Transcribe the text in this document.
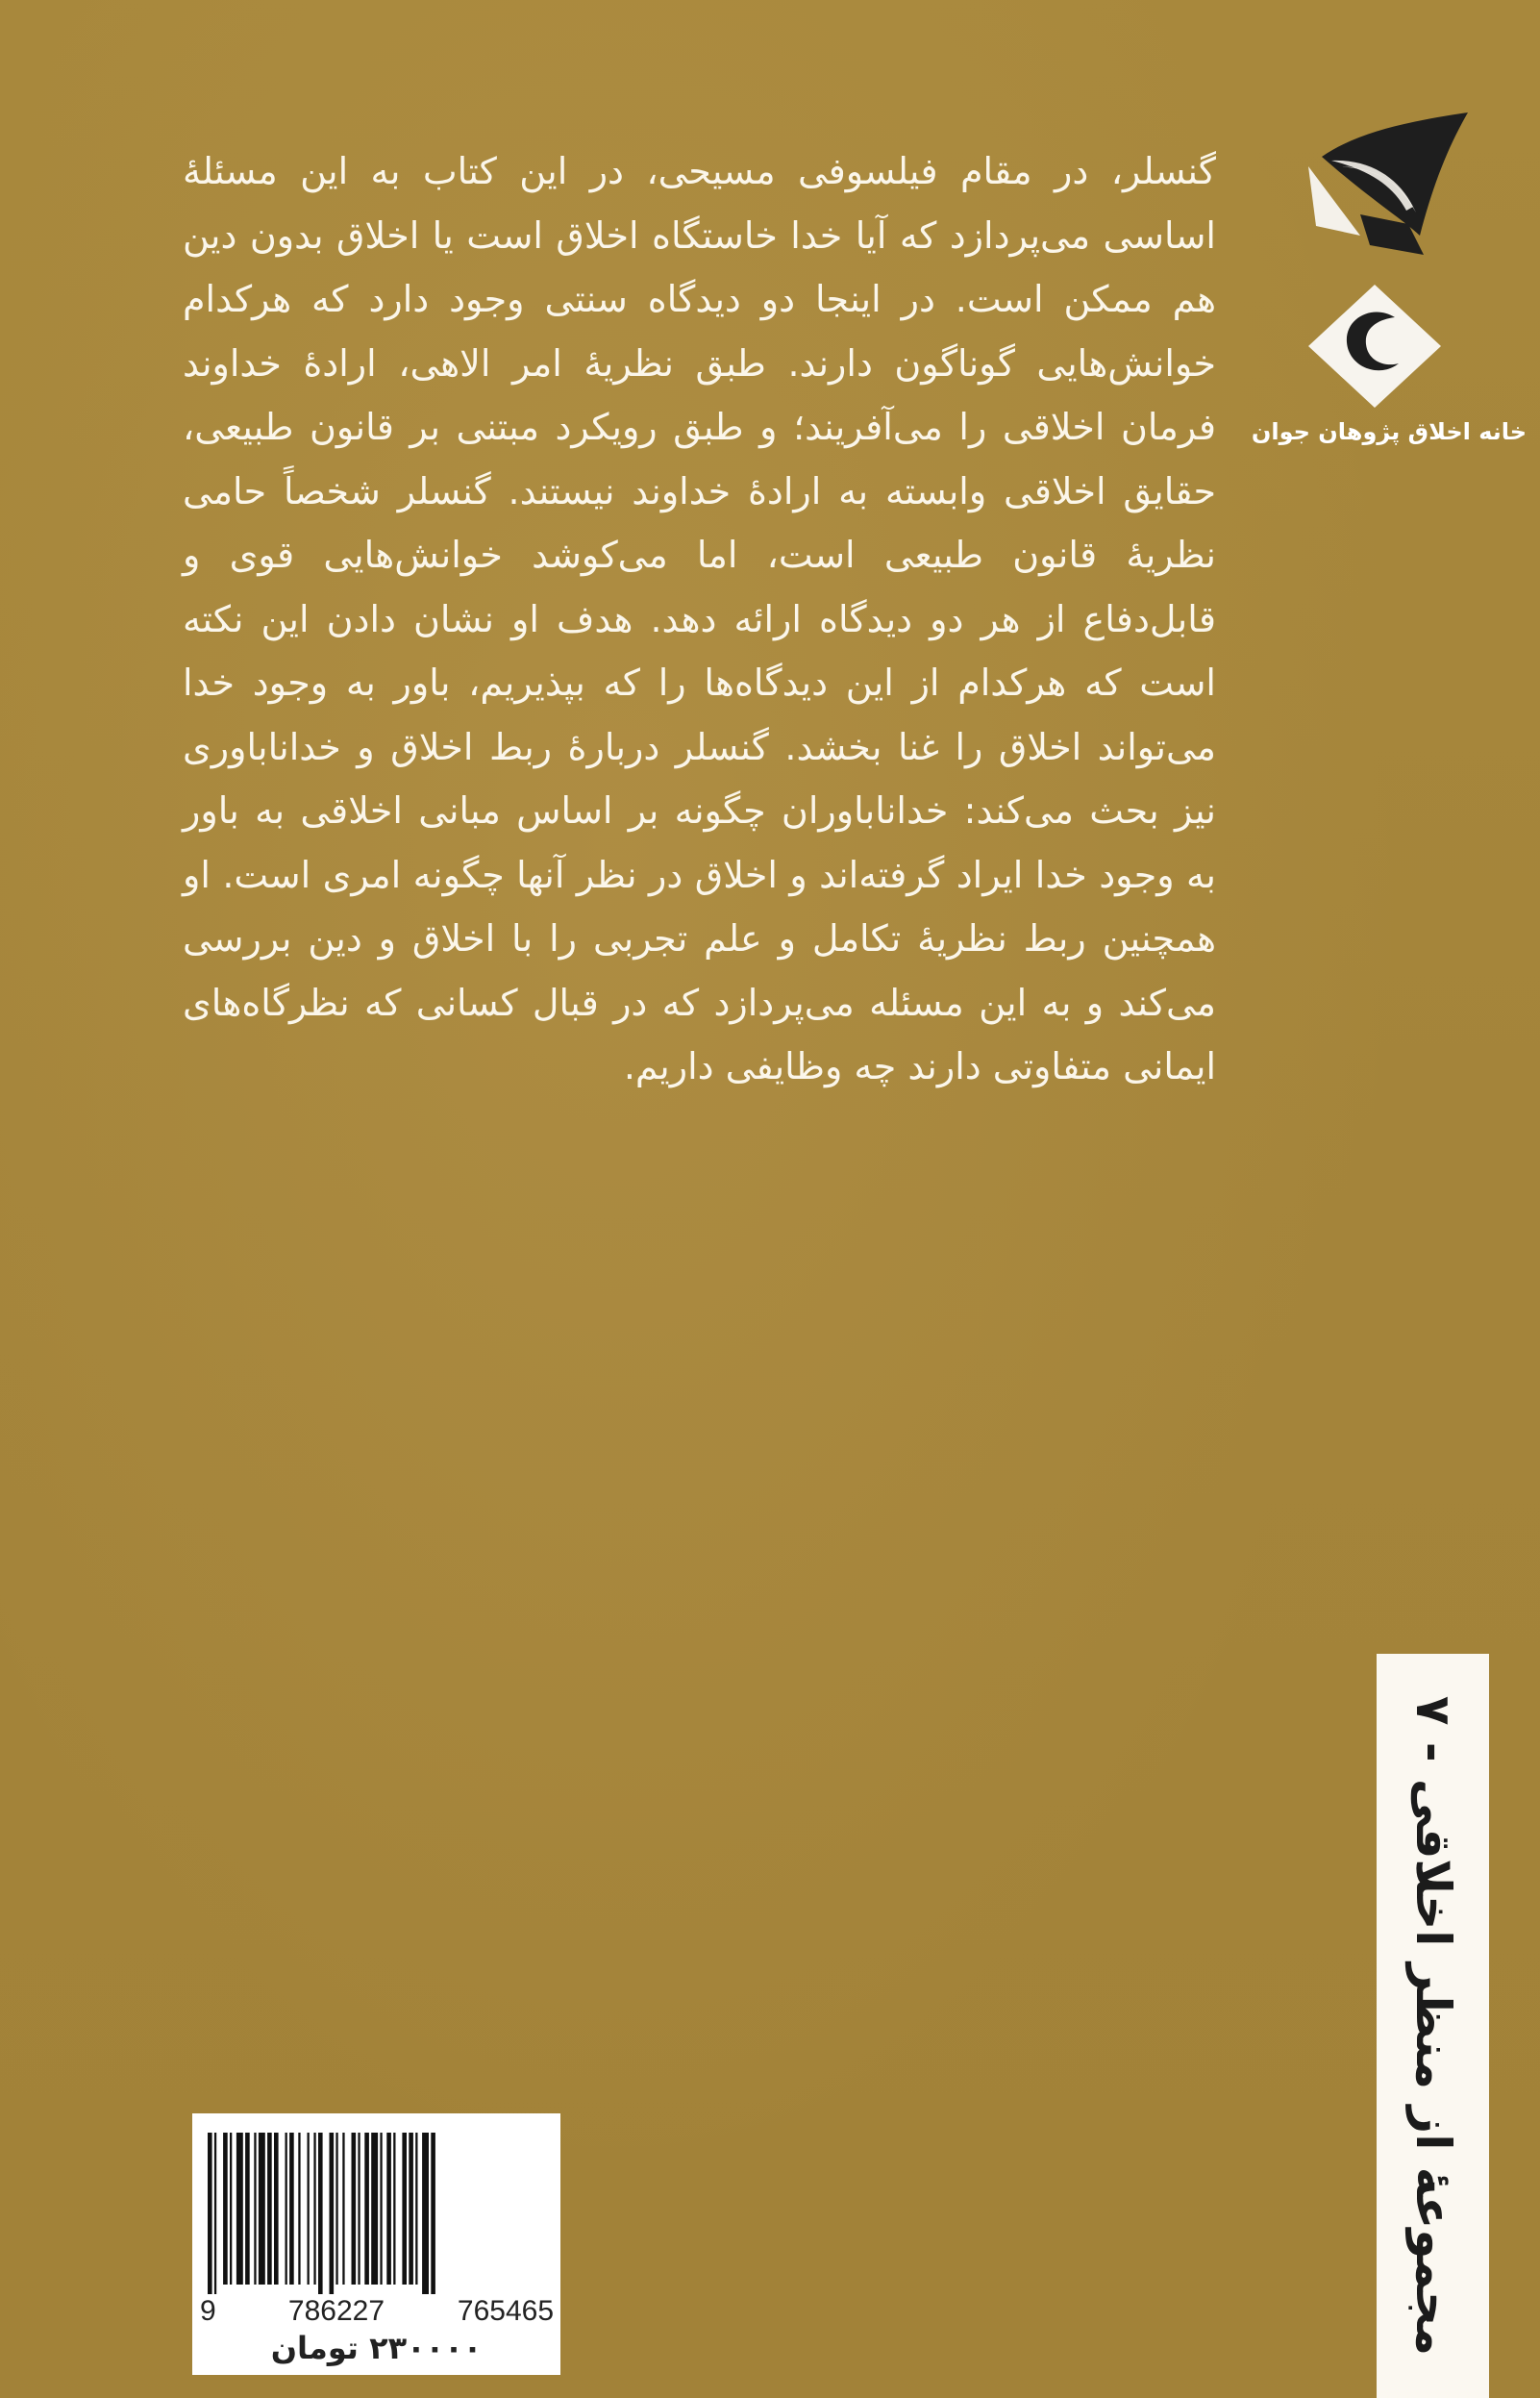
گنسلر، در مقام فیلسوفی مسیحی، در این کتاب به این مسئلهٔ اساسی می‌پردازد که آیا خدا خاستگاه اخلاق است یا اخلاق بدون دین هم ممکن است. در اینجا دو دیدگاه سنتی وجود دارد که هرکدام خوانش‌هایی گوناگون دارند. طبق نظریهٔ امر الاهی، ارادهٔ خداوند فرمان اخلاقی را می‌آفریند؛ و طبق رویکرد مبتنی بر قانون طبیعی، حقایق اخلاقی وابسته به ارادهٔ خداوند نیستند. گنسلر شخصاً حامی نظریهٔ قانون طبیعی است، اما می‌کوشد خوانش‌هایی قوی و قابل‌دفاع از هر دو دیدگاه ارائه دهد. هدف او نشان دادن این نکته است که هرکدام از این دیدگاه‌ها را که بپذیریم، باور به وجود خدا می‌تواند اخلاق را غنا بخشد. گنسلر دربارهٔ ربط اخلاق و خداناباوری نیز بحث می‌کند: خداناباوران چگونه بر اساس مبانی اخلاقی به باور به وجود خدا ایراد گرفته‌اند و اخلاق در نظر آنها چگونه امری است. او همچنین ربط نظریهٔ تکامل و علم تجربی را با اخلاق و دین بررسی می‌کند و به این مسئله می‌پردازد که در قبال کسانی که نظرگاه‌های ایمانی متفاوتی دارند چه وظایفی داریم.

خانه اخلاق پژوهان جوان
مجموعهٔ از منظر اخلاقی - ۷
9	786227	765465
۲۳۰۰۰۰ تومان
